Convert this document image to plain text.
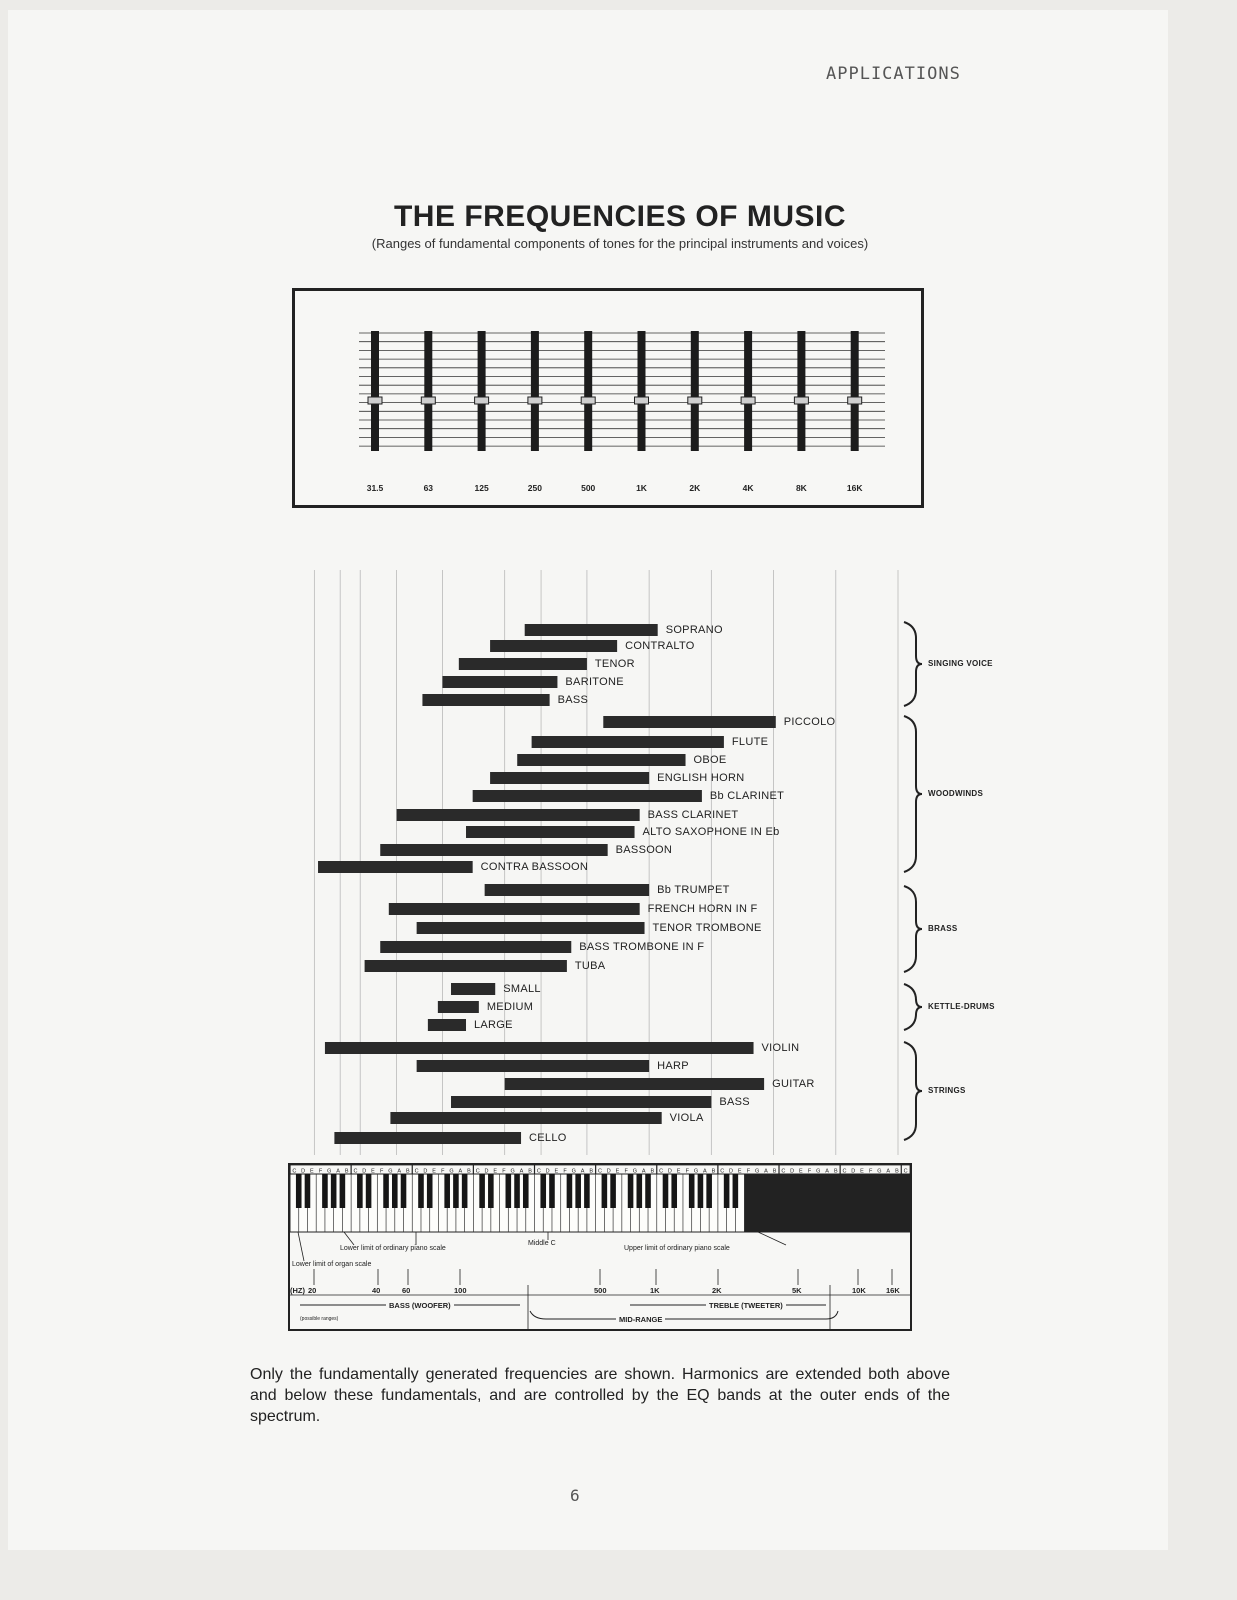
APPLICATIONS
THE FREQUENCIES OF MUSIC
(Ranges of fundamental components of tones for the principal instruments and voices)
31.5	63	125	250	500	1K	2K	4K	8K	16K
SOPRANO
CONTRALTO
TENOR
BARITONE
BASS
SINGING VOICE
PICCOLO
FLUTE
OBOE
ENGLISH HORN
Bb CLARINET
BASS CLARINET
ALTO SAXOPHONE IN Eb
BASSOON
CONTRA BASSOON
WOODWINDS
Bb TRUMPET
FRENCH HORN IN F
TENOR TROMBONE
BASS TROMBONE IN F
TUBA
BRASS
SMALL
MEDIUM
LARGE
KETTLE-DRUMS
VIOLIN
HARP
GUITAR
BASS
VIOLA
CELLO
STRINGS
C D E F G A B C D E F G A B C D E F G A B C D E F G A B C D E F G A B C D E F G A B C D E F G A B C D E F G A B C D E F G A B C D E F G A B C
Lower limit of ordinary piano scale
Lower limit of organ scale
Middle C
Upper limit of ordinary piano scale
(HZ) 20	40	60	100	500	1K	2K	5K	10K	16K
BASS (WOOFER)	TREBLE (TWEETER)
MID-RANGE
(possible ranges)
Only the fundamentally generated frequencies are shown. Harmonics are extended both above and below these fundamentals, and are controlled by the EQ bands at the outer ends of the spectrum.
6
